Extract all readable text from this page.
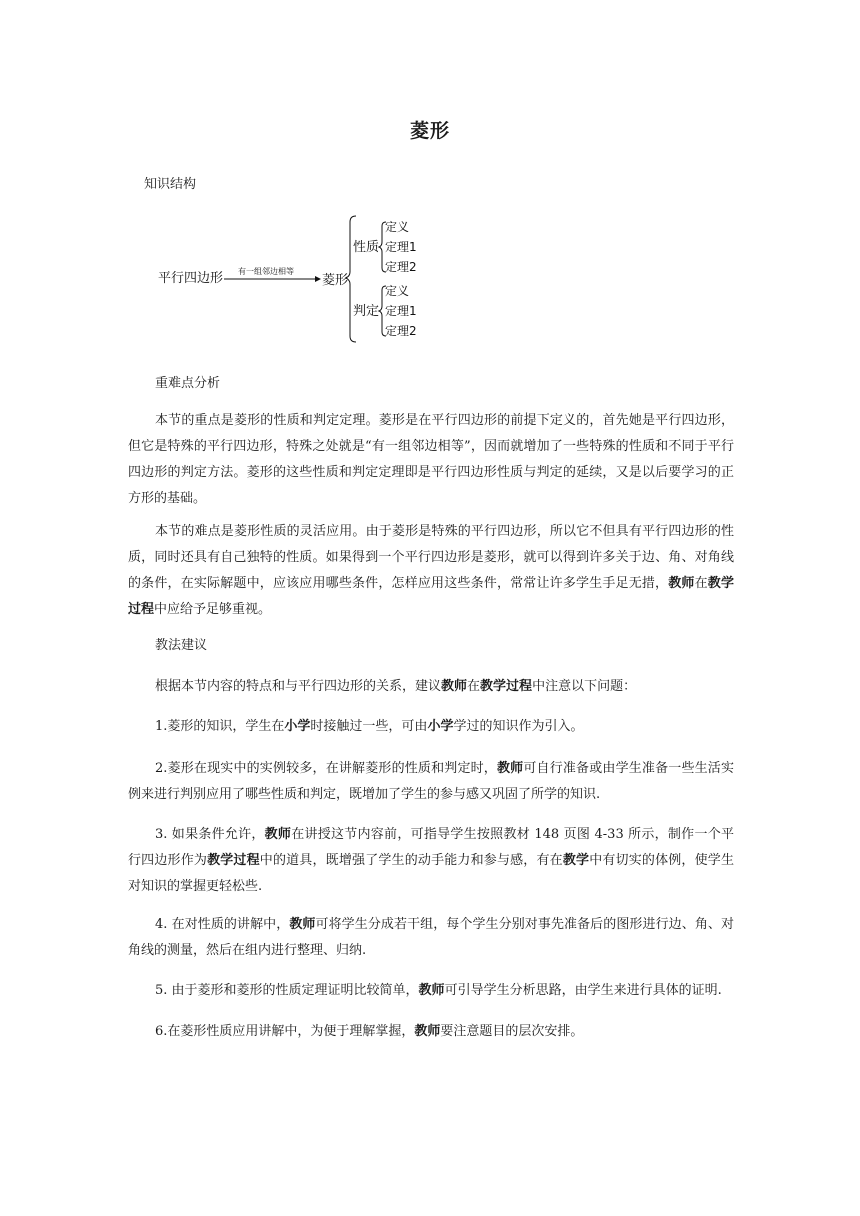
菱形
知识结构
平行四边形 有一组邻边相等
菱形
性质
定义
定理1
定理2
判定
定义
定理1
定理2
重难点分析
本节的重点是菱形的性质和判定定理。菱形是在平行四边形的前提下定义的，首先她是平行四边形，但它是特殊的平行四边形，特殊之处就是“有一组邻边相等”，因而就增加了一些特殊的性质和不同于平行四边形的判定方法。菱形的这些性质和判定定理即是平行四边形性质与判定的延续，又是以后要学习的正方形的基础。
本节的难点是菱形性质的灵活应用。由于菱形是特殊的平行四边形，所以它不但具有平行四边形的性质，同时还具有自己独特的性质。如果得到一个平行四边形是菱形，就可以得到许多关于边、角、对角线的条件，在实际解题中，应该应用哪些条件，怎样应用这些条件，常常让许多学生手足无措，教师在教学过程中应给予足够重视。
教法建议
根据本节内容的特点和与平行四边形的关系，建议教师在教学过程中注意以下问题：
1.菱形的知识，学生在小学时接触过一些，可由小学学过的知识作为引入。
2.菱形在现实中的实例较多，在讲解菱形的性质和判定时，教师可自行准备或由学生准备一些生活实例来进行判别应用了哪些性质和判定，既增加了学生的参与感又巩固了所学的知识.
3. 如果条件允许，教师在讲授这节内容前，可指导学生按照教材 148 页图 4-33 所示，制作一个平行四边形作为教学过程中的道具，既增强了学生的动手能力和参与感，有在教学中有切实的体例，使学生对知识的掌握更轻松些.
4. 在对性质的讲解中，教师可将学生分成若干组，每个学生分别对事先准备后的图形进行边、角、对角线的测量，然后在组内进行整理、归纳.
5. 由于菱形和菱形的性质定理证明比较简单，教师可引导学生分析思路，由学生来进行具体的证明.
6.在菱形性质应用讲解中，为便于理解掌握，教师要注意题目的层次安排。
